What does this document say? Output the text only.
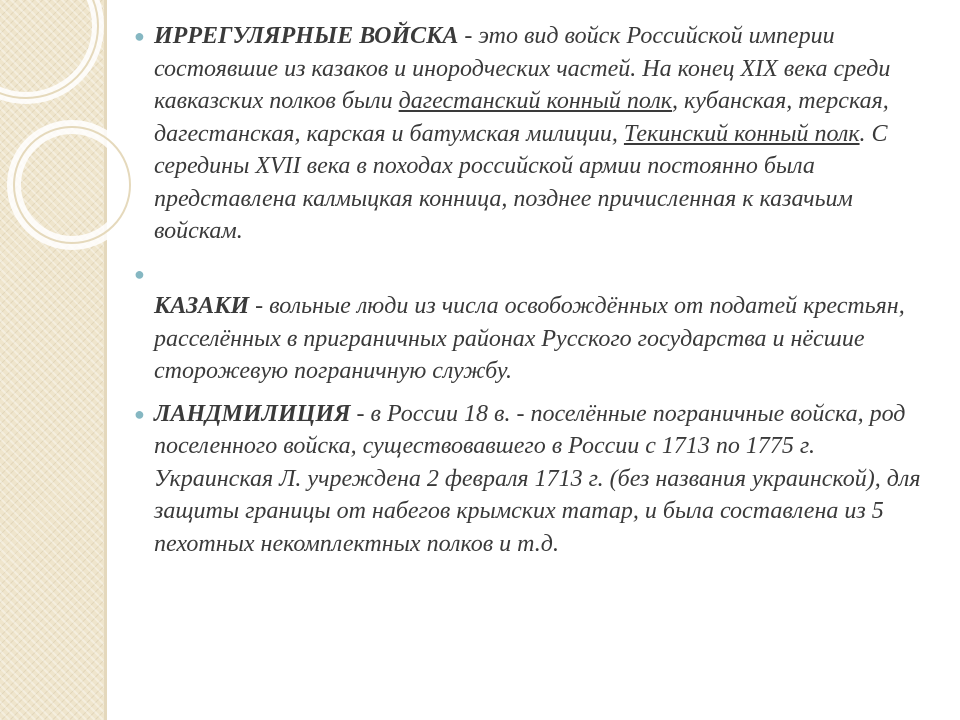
● ИРРЕГУЛЯРНЫЕ ВОЙСКА - это вид войск Российской империи состоявшие из казаков и инородческих частей. На конец XIX века среди кавказских полков были дагестанский конный полк, кубанская, терская, дагестанская, карская и батумская милиции, Текинский конный полк. С середины XVII века в походах российской армии постоянно была представлена калмыцкая конница, позднее причисленная к казачьим войскам.
●
КАЗАКИ - вольные люди из числа освобождённых от податей крестьян, расселённых в приграничных районах Русского государства и нёсшие сторожевую пограничную службу.
● ЛАНДМИЛИЦИЯ - в России 18 в. - поселённые пограничные войска, род поселенного войска, существовавшего в России с 1713 по 1775 г. Украинская Л. учреждена 2 февраля 1713 г. (без названия украинской), для защиты границы от набегов крымских татар, и была составлена из 5 пехотных некомплектных полков и т.д.
